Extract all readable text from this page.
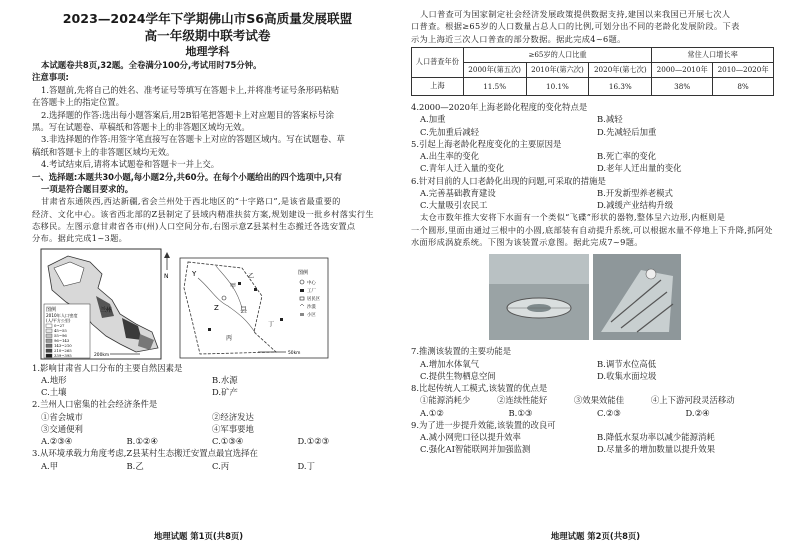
2023—2024学年下学期佛山市S6高质量发展联盟
高一年级期中联考试卷
地理学科
本试题卷共8页,32题。全卷满分100分,考试用时75分钟。
注意事项:
1.答题前,先将自己的姓名、准考证号等填写在答题卡上,并将准考证号条形码粘贴
在答题卡上的指定位置。
2.选择题的作答:选出每小题答案后,用2B铅笔把答题卡上对应题目的答案标号涂
黑。写在试题卷、草稿纸和答题卡上的非答题区域均无效。
3.非选择题的作答:用签字笔直接写在答题卡上对应的答题区域内。写在试题卷、草
稿纸和答题卡上的非答题区域均无效。
4.考试结束后,请将本试题卷和答题卡一并上交。
一、选择题:本题共30小题,每小题2分,共60分。在每个小题给出的四个选项中,只有
一项是符合题目要求的。
甘肃省东通陕西,西达新疆,省会兰州处于西北地区的“十字路口”,是该省最重要的
经济、文化中心。该省西北部的Z县制定了县域内精准扶贫方案,规划建设一批乡村落实行生
态移民。左图示意甘肃省各市(州)人口空间分布,右图示意Z县某村生态搬迁各选安置点
分布。据此完成1~3题。
图例
2010年人口密度
(人/平方公里)
0~27
45~55
55~96
96~143
143~210
210~265
339~395
兰州
200km
N	Y
Z	县
甲
乙
丙
丁
50km
图例
中心
工厂
居民区
沙漠
小区
1.影响甘肃省人口分布的主要自然因素是
A.地形	B.水源
C.土壤	D.矿产
2.兰州人口密集的社会经济条件是
①省会城市	②经济发达
③交通便利	④军事要地
A.②③④	B.①②④	C.①③④	D.①②③
3.从环境承载力角度考虑,Z县某村生态搬迁安置点最宜选择在
A.甲	B.乙	C.丙	D.丁
地理试题 第1页(共8页)
人口普查可为国家制定社会经济发展政策提供数据支持,建国以来我国已开展七次人
口普查。根据≥65岁的人口数量占总人口的比例,可划分出不同的老龄化发展阶段。下表
示为上海近三次人口普查的部分数据。据此完成4~6题。
人口普查年份	≥65岁的人口比重			常住人口增长率	
	2000年(第五次)	2010年(第六次)	2020年(第七次)	2000—2010年	2010—2020年
上海	11.5%	10.1%	16.3%	38%	8%
4.2000—2020年上海老龄化程度的变化特点是
A.加重	B.减轻
C.先加重后减轻	D.先减轻后加重
5.引起上海老龄化程度变化的主要原因是
A.出生率的变化	B.死亡率的变化
C.青年人迁入量的变化	D.老年人迁出量的变化
6.针对目前的人口老龄化出现的问题,可采取的措施是
A.完善基础教育建设	B.开发新型养老模式
C.大量吸引农民工	D.减缓产业结构升级
太仓市数年推大安将下水面有一个类似“飞碟”形状的器物,整体呈六边形,内框则是
一个圆形,里面由通过三根中的小圆,底部装有自动提升系统,可以根据水量不停地上下升降,抓阿处
水面形成涡旋系统。下图为该装置示意图。据此完成7~9题。
7.推测该装置的主要功能是
A.增加水体氧气	B.调节水位高低
C.提供生物栖息空间	D.收集水面垃圾
8.比起传统人工模式,该装置的优点是
①能源消耗少	②连续性能好	③效果效能佳	④上下游河段灵活移动
A.①②	B.①③	C.②③	D.②④
9.为了进一步提升效能,该装置的改良可
A.减小网兜口径以提升效率	B.降低水泵功率以减少能源消耗
C.强化AI智能联网并加强监测	D.尽量多的增加数量以提升效果
地理试题 第2页(共8页)
